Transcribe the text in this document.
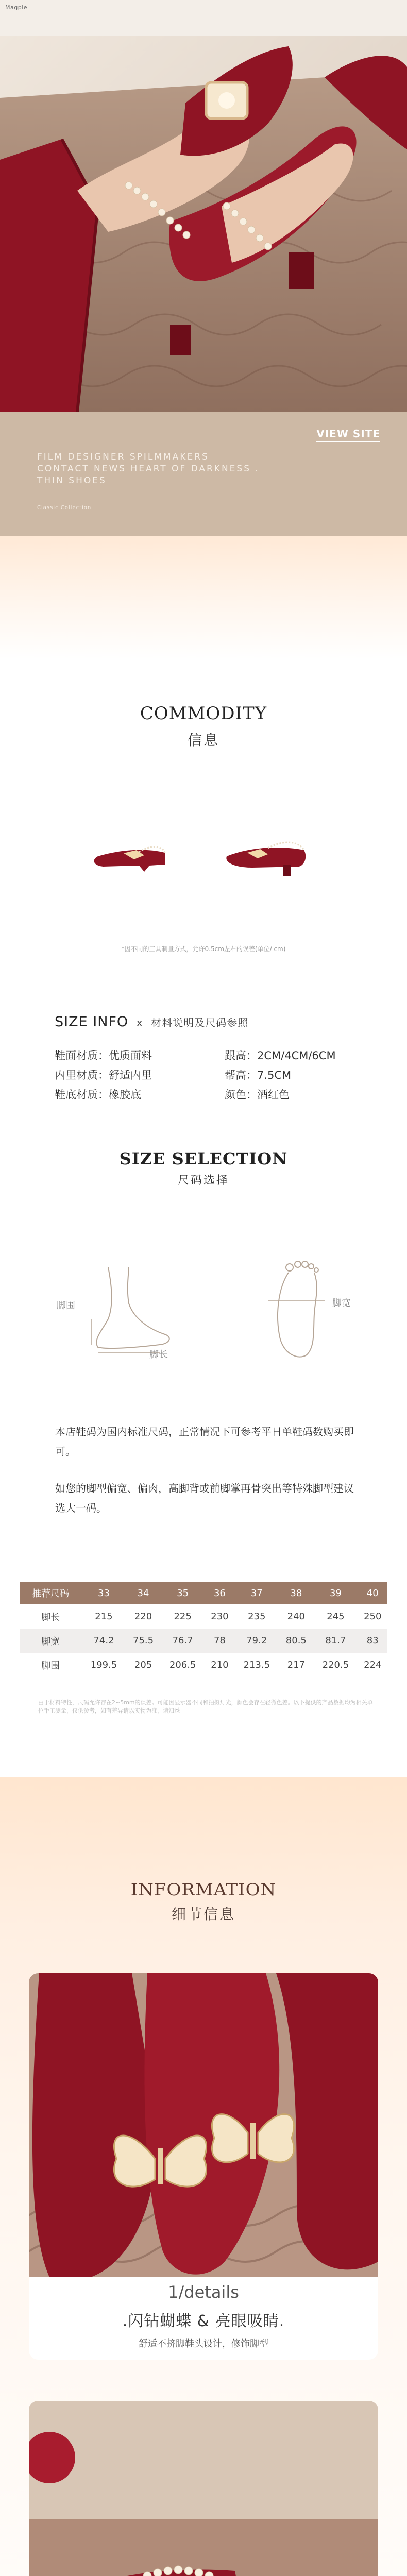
Magpie
VIEW SITE
FILM DESIGNER SPILMMAKERS
CONTACT NEWS HEART OF DARKNESS .
THIN SHOES
Classic Collection
COMMODITY
信息
*因不同的工具制量方式，允许0.5cm左右的误差(单位/ cm)
SIZE INFO x 材料说明及尺码参照
鞋面材质：优质面料
内里材质：舒适内里
鞋底材质：橡胶底
跟高：2CM/4CM/6CM
帮高：7.5CM
颜色：酒红色
SIZE SELECTION
尺码选择
脚围
脚长
脚宽
本店鞋码为国内标准尺码，正常情况下可参考平日单鞋码数购买即可。
如您的脚型偏宽、偏肉，高脚背或前脚掌再骨突出等特殊脚型建议选大一码。
推荐尺码	33	34	35	36	37	38	39	40
脚长	215	220	225	230	235	240	245	250
脚宽	74.2	75.5	76.7	78	79.2	80.5	81.7	83
脚围	199.5	205	206.5	210	213.5	217	220.5	224
由于材料特性，尺码允许存在2~5mm的误差。可能因显示器不同和拍摄灯光，颜色会存在轻微色差。以下提供的产品数据均为相关单位手工测量，仅供参考，如有差异请以实物为准，请知悉
INFORMATION
细节信息
1/details
.闪钻蝴蝶 & 亮眼吸睛.
舒适不挤脚鞋头设计，修饰脚型
